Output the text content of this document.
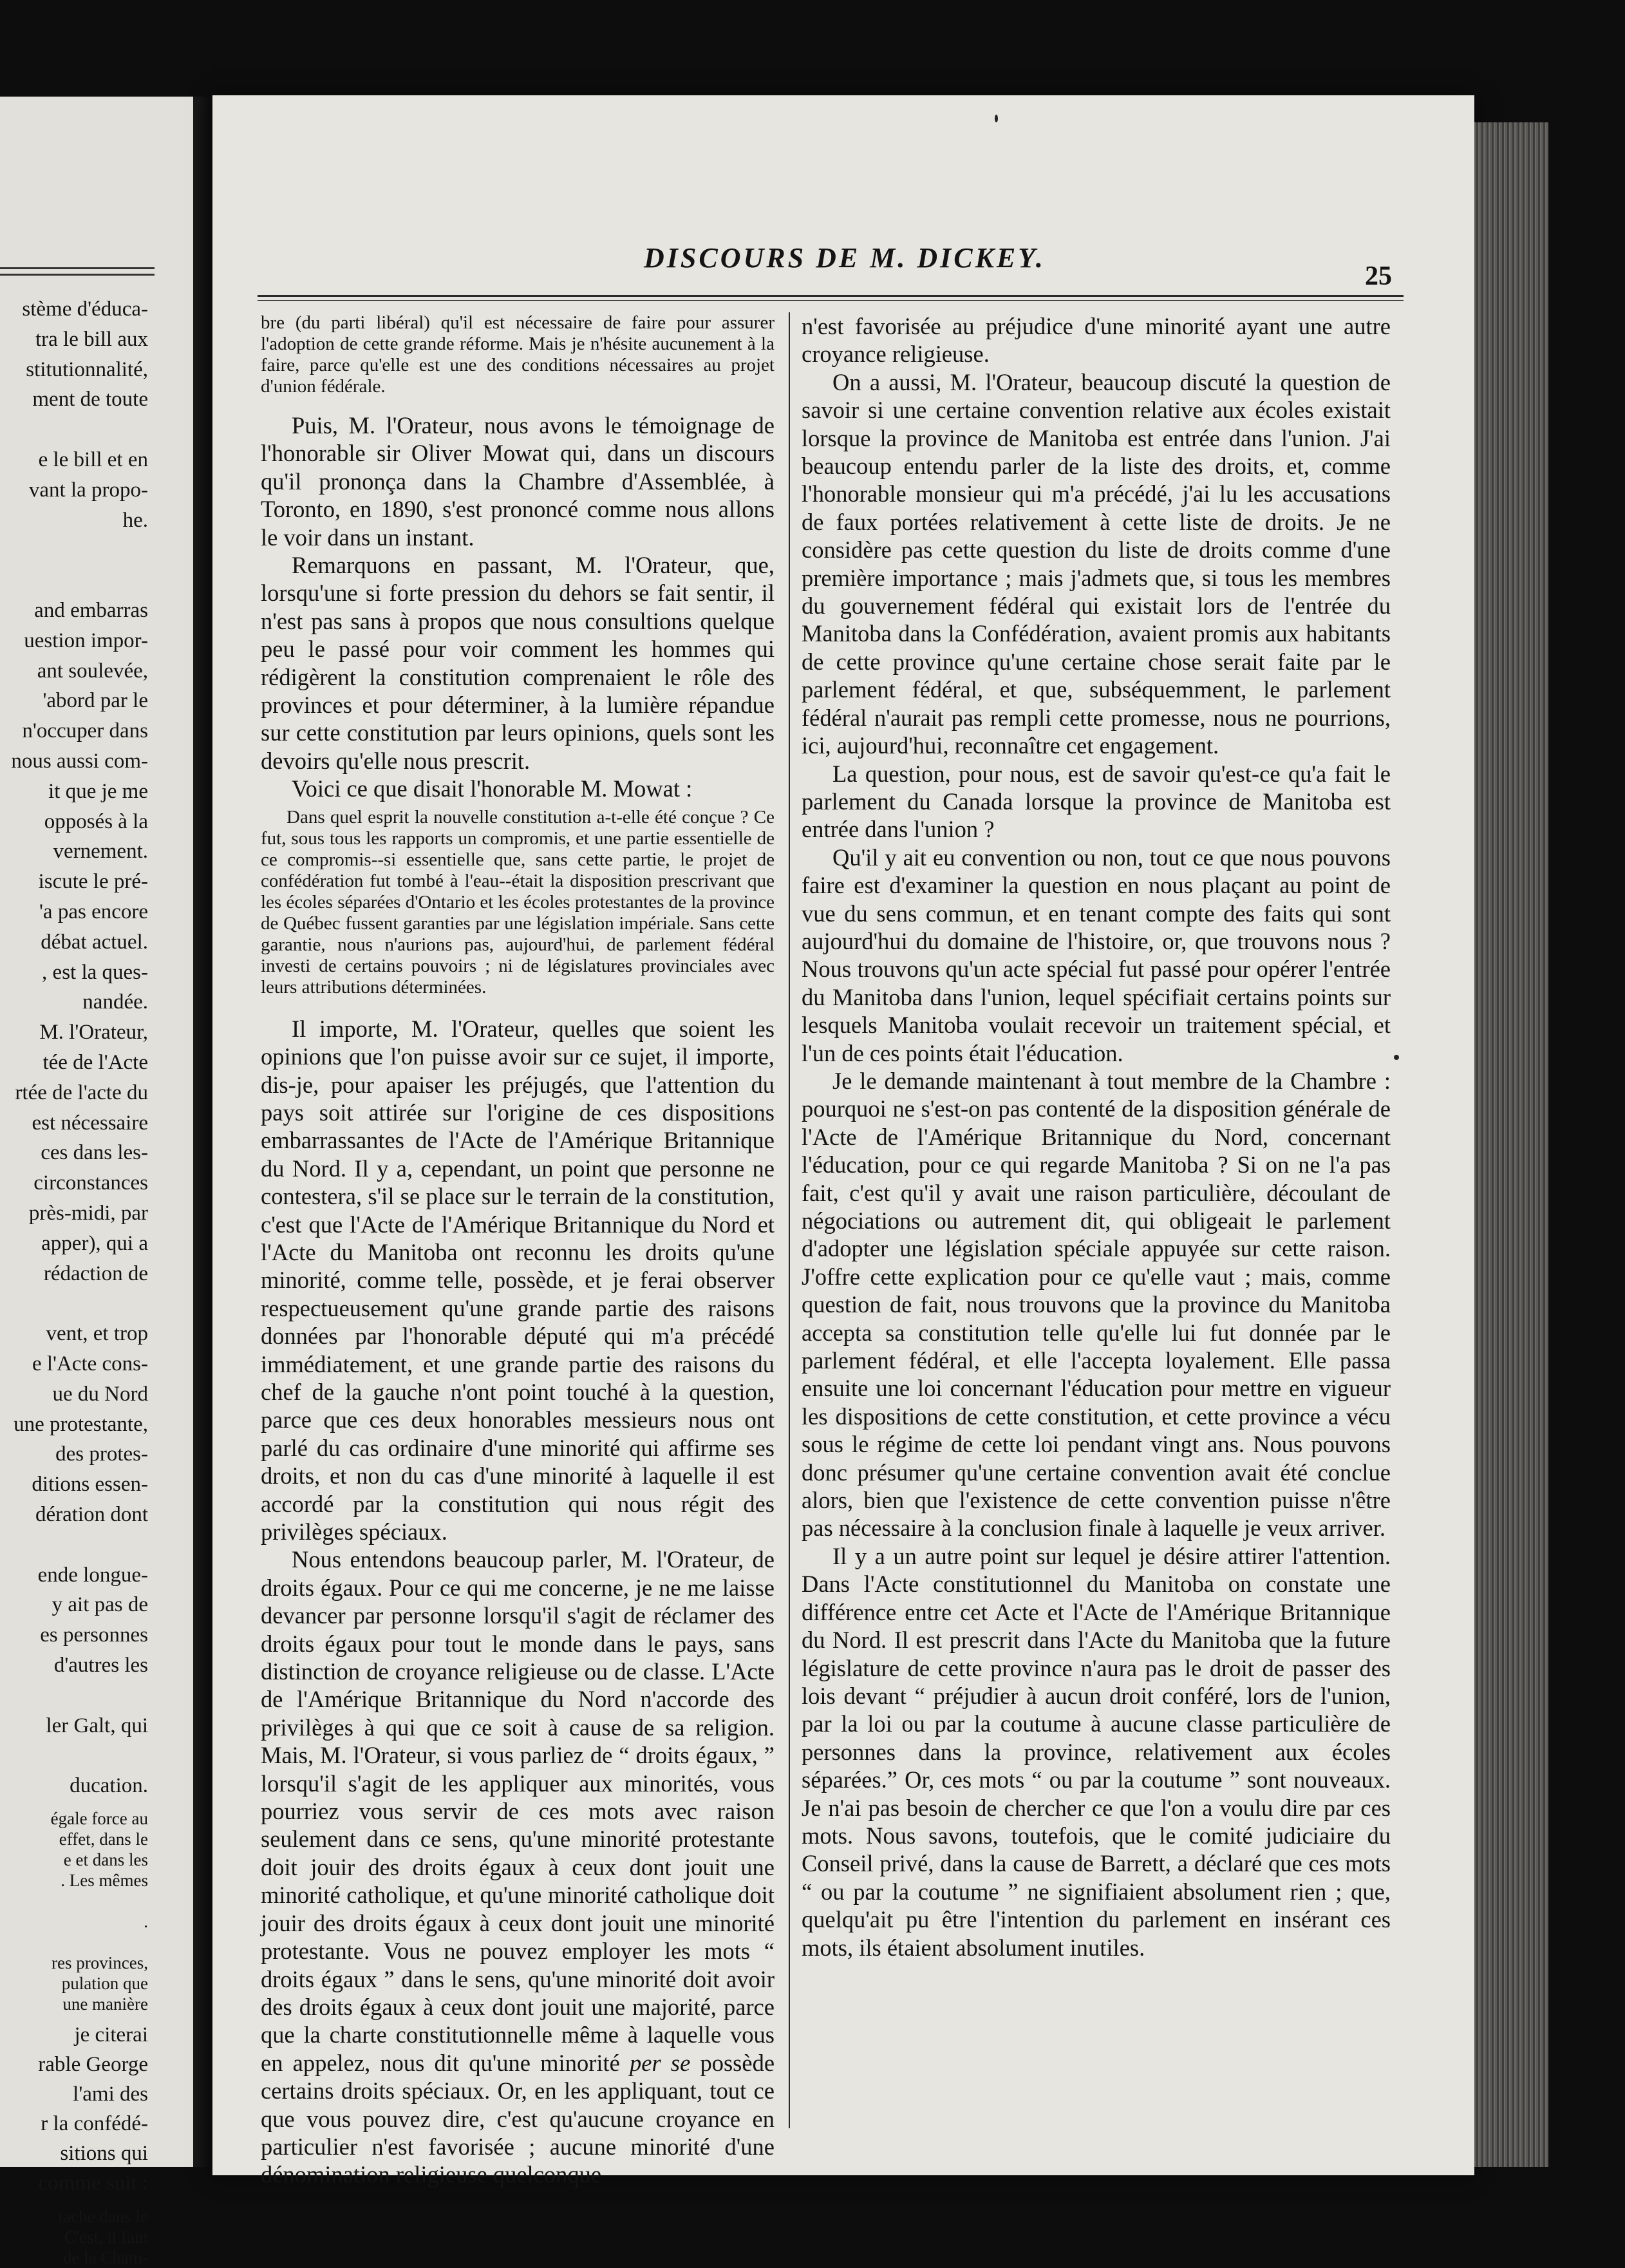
stème d'éduca-
tra le bill aux
stitutionnalité,
ment de toute
e le bill et en
vant la propo-
he.
and embarras
uestion impor-
ant soulevée,
'abord par le
n'occuper dans
nous aussi com-
it que je me
opposés à la
vernement.
iscute le pré-
'a pas encore
débat actuel.
, est la ques-
nandée.
M. l'Orateur,
tée de l'Acte
rtée de l'acte du
est nécessaire
ces dans les-
circonstances
près-midi, par
apper), qui a
rédaction de
vent, et trop
e l'Acte cons-
ue du Nord
une protestante,
des protes-
ditions essen-
dération dont
ende longue-
y ait pas de
es personnes
d'autres les
ler Galt, qui
ducation.
égale force au
effet, dans le
e et dans les
. Les mêmes
.
res provinces,
pulation que
une manière
je citerai
rable George
l'ami des
r la confédé-
sitions qui
comme suit :
tache dans le
C'est, il faut
de la Cham-
DISCOURS DE M. DICKEY.
25

bre (du parti libéral) qu'il est nécessaire de faire pour assurer l'adoption de cette grande réforme. Mais je n'hésite aucunement à la faire, parce qu'elle est une des conditions nécessaires au projet d'union fédérale.

Puis, M. l'Orateur, nous avons le témoignage de l'honorable sir Oliver Mowat qui, dans un discours qu'il prononça dans la Chambre d'Assemblée, à Toronto, en 1890, s'est prononcé comme nous allons le voir dans un instant.

Remarquons en passant, M. l'Orateur, que, lorsqu'une si forte pression du dehors se fait sentir, il n'est pas sans à propos que nous consultions quelque peu le passé pour voir comment les hommes qui rédigèrent la constitution comprenaient le rôle des provinces et pour déterminer, à la lumière répandue sur cette constitution par leurs opinions, quels sont les devoirs qu'elle nous prescrit.

Voici ce que disait l'honorable M. Mowat :

Dans quel esprit la nouvelle constitution a-t-elle été conçue ? Ce fut, sous tous les rapports un compromis, et une partie essentielle de ce compromis--si essentielle que, sans cette partie, le projet de confédération fut tombé à l'eau--était la disposition prescrivant que les écoles séparées d'Ontario et les écoles protestantes de la province de Québec fussent garanties par une législation impériale. Sans cette garantie, nous n'aurions pas, aujourd'hui, de parlement fédéral investi de certains pouvoirs ; ni de législatures provinciales avec leurs attributions déterminées.

Il importe, M. l'Orateur, quelles que soient les opinions que l'on puisse avoir sur ce sujet, il importe, dis-je, pour apaiser les préjugés, que l'attention du pays soit attirée sur l'origine de ces dispositions embarrassantes de l'Acte de l'Amérique Britannique du Nord. Il y a, cependant, un point que personne ne contestera, s'il se place sur le terrain de la constitution, c'est que l'Acte de l'Amérique Britannique du Nord et l'Acte du Manitoba ont reconnu les droits qu'une minorité, comme telle, possède, et je ferai observer respectueusement qu'une grande partie des raisons données par l'honorable député qui m'a précédé immédiatement, et une grande partie des raisons du chef de la gauche n'ont point touché à la question, parce que ces deux honorables messieurs nous ont parlé du cas ordinaire d'une minorité qui affirme ses droits, et non du cas d'une minorité à laquelle il est accordé par la constitution qui nous régit des privilèges spéciaux.

Nous entendons beaucoup parler, M. l'Orateur, de droits égaux. Pour ce qui me concerne, je ne me laisse devancer par personne lorsqu'il s'agit de réclamer des droits égaux pour tout le monde dans le pays, sans distinction de croyance religieuse ou de classe. L'Acte de l'Amérique Britannique du Nord n'accorde des privilèges à qui que ce soit à cause de sa religion. Mais, M. l'Orateur, si vous parliez de “ droits égaux, ” lorsqu'il s'agit de les appliquer aux minorités, vous pourriez vous servir de ces mots avec raison seulement dans ce sens, qu'une minorité protestante doit jouir des droits égaux à ceux dont jouit une minorité catholique, et qu'une minorité catholique doit jouir des droits égaux à ceux dont jouit une minorité protestante. Vous ne pouvez employer les mots “ droits égaux ” dans le sens, qu'une minorité doit avoir des droits égaux à ceux dont jouit une majorité, parce que la charte constitutionnelle même à laquelle vous en appelez, nous dit qu'une minorité per se possède certains droits spéciaux. Or, en les appliquant, tout ce que vous pouvez dire, c'est qu'aucune croyance en particulier n'est favorisée ; aucune minorité d'une dénomination religieuse quelconque

n'est favorisée au préjudice d'une minorité ayant une autre croyance religieuse.

On a aussi, M. l'Orateur, beaucoup discuté la question de savoir si une certaine convention relative aux écoles existait lorsque la province de Manitoba est entrée dans l'union. J'ai beaucoup entendu parler de la liste des droits, et, comme l'honorable monsieur qui m'a précédé, j'ai lu les accusations de faux portées relativement à cette liste de droits. Je ne considère pas cette question du liste de droits comme d'une première importance ; mais j'admets que, si tous les membres du gouvernement fédéral qui existait lors de l'entrée du Manitoba dans la Confédération, avaient promis aux habitants de cette province qu'une certaine chose serait faite par le parlement fédéral, et que, subséquemment, le parlement fédéral n'aurait pas rempli cette promesse, nous ne pourrions, ici, aujourd'hui, reconnaître cet engagement.

La question, pour nous, est de savoir qu'est-ce qu'a fait le parlement du Canada lorsque la province de Manitoba est entrée dans l'union ?

Qu'il y ait eu convention ou non, tout ce que nous pouvons faire est d'examiner la question en nous plaçant au point de vue du sens commun, et en tenant compte des faits qui sont aujourd'hui du domaine de l'histoire, or, que trouvons nous ? Nous trouvons qu'un acte spécial fut passé pour opérer l'entrée du Manitoba dans l'union, lequel spécifiait certains points sur lesquels Manitoba voulait recevoir un traitement spécial, et l'un de ces points était l'éducation.

Je le demande maintenant à tout membre de la Chambre : pourquoi ne s'est-on pas contenté de la disposition générale de l'Acte de l'Amérique Britannique du Nord, concernant l'éducation, pour ce qui regarde Manitoba ? Si on ne l'a pas fait, c'est qu'il y avait une raison particulière, découlant de négociations ou autrement dit, qui obligeait le parlement d'adopter une législation spéciale appuyée sur cette raison. J'offre cette explication pour ce qu'elle vaut ; mais, comme question de fait, nous trouvons que la province du Manitoba accepta sa constitution telle qu'elle lui fut donnée par le parlement fédéral, et elle l'accepta loyalement. Elle passa ensuite une loi concernant l'éducation pour mettre en vigueur les dispositions de cette constitution, et cette province a vécu sous le régime de cette loi pendant vingt ans. Nous pouvons donc présumer qu'une certaine convention avait été conclue alors, bien que l'existence de cette convention puisse n'être pas nécessaire à la conclusion finale à laquelle je veux arriver.

Il y a un autre point sur lequel je désire attirer l'attention. Dans l'Acte constitutionnel du Manitoba on constate une différence entre cet Acte et l'Acte de l'Amérique Britannique du Nord. Il est prescrit dans l'Acte du Manitoba que la future législature de cette province n'aura pas le droit de passer des lois devant “ préjudier à aucun droit conféré, lors de l'union, par la loi ou par la coutume à aucune classe particulière de personnes dans la province, relativement aux écoles séparées.” Or, ces mots “ ou par la coutume ” sont nouveaux. Je n'ai pas besoin de chercher ce que l'on a voulu dire par ces mots. Nous savons, toutefois, que le comité judiciaire du Conseil privé, dans la cause de Barrett, a déclaré que ces mots “ ou par la coutume ” ne signifiaient absolument rien ; que, quelqu'ait pu être l'intention du parlement en insérant ces mots, ils étaient absolument inutiles.
